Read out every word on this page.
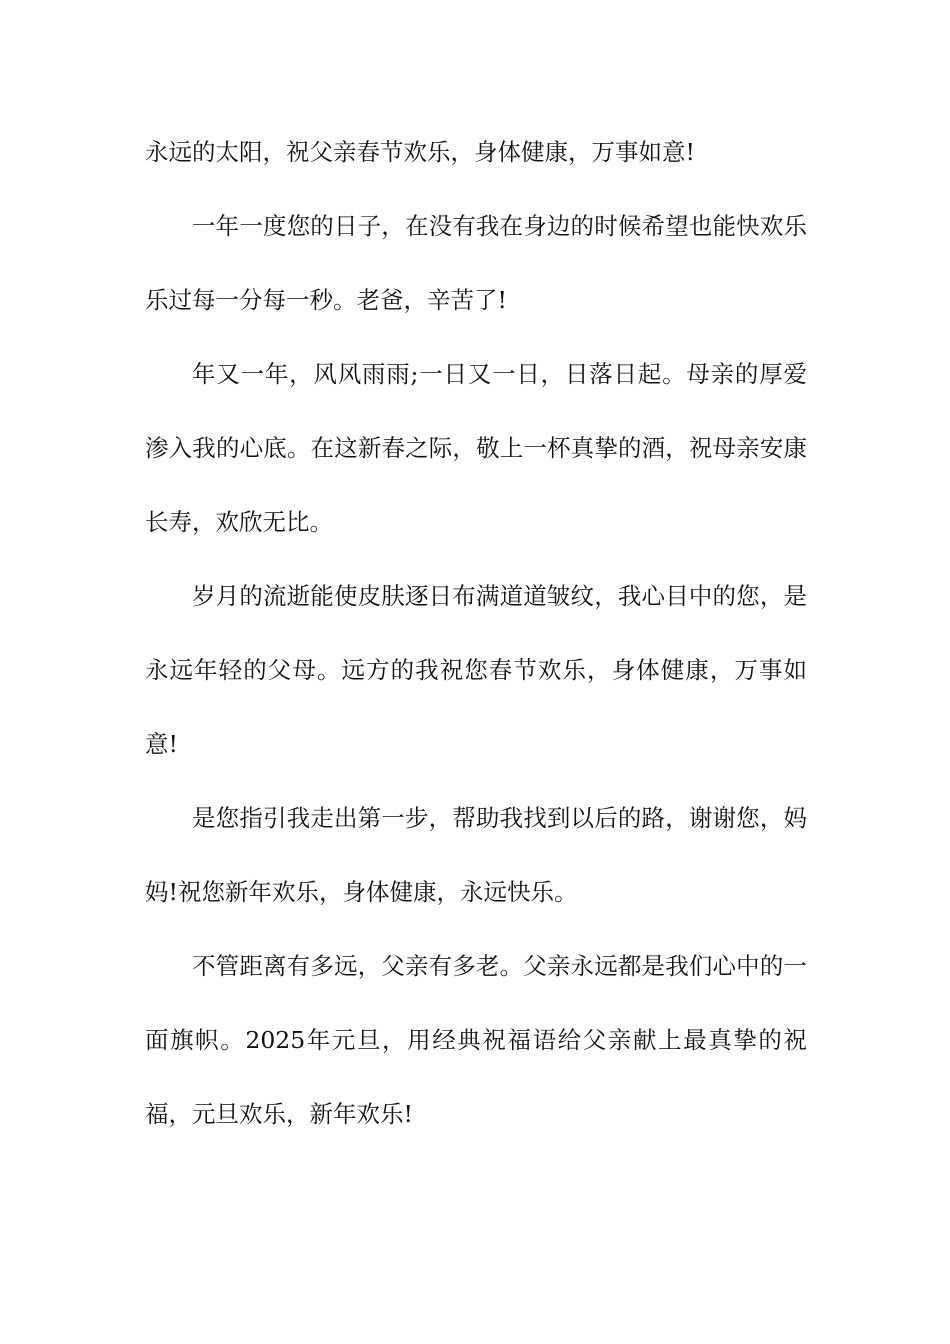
永远的太阳，祝父亲春节欢乐，身体健康，万事如意!

一年一度您的日子，在没有我在身边的时候希望也能快欢乐乐过每一分每一秒。老爸，辛苦了!

年又一年，风风雨雨;一日又一日，日落日起。母亲的厚爱渗入我的心底。在这新春之际，敬上一杯真挚的酒，祝母亲安康长寿，欢欣无比。

岁月的流逝能使皮肤逐日布满道道皱纹，我心目中的您，是永远年轻的父母。远方的我祝您春节欢乐，身体健康，万事如意!

是您指引我走出第一步，帮助我找到以后的路，谢谢您，妈妈!祝您新年欢乐，身体健康，永远快乐。

不管距离有多远，父亲有多老。父亲永远都是我们心中的一面旗帜。2025年元旦，用经典祝福语给父亲献上最真挚的祝福，元旦欢乐，新年欢乐!
